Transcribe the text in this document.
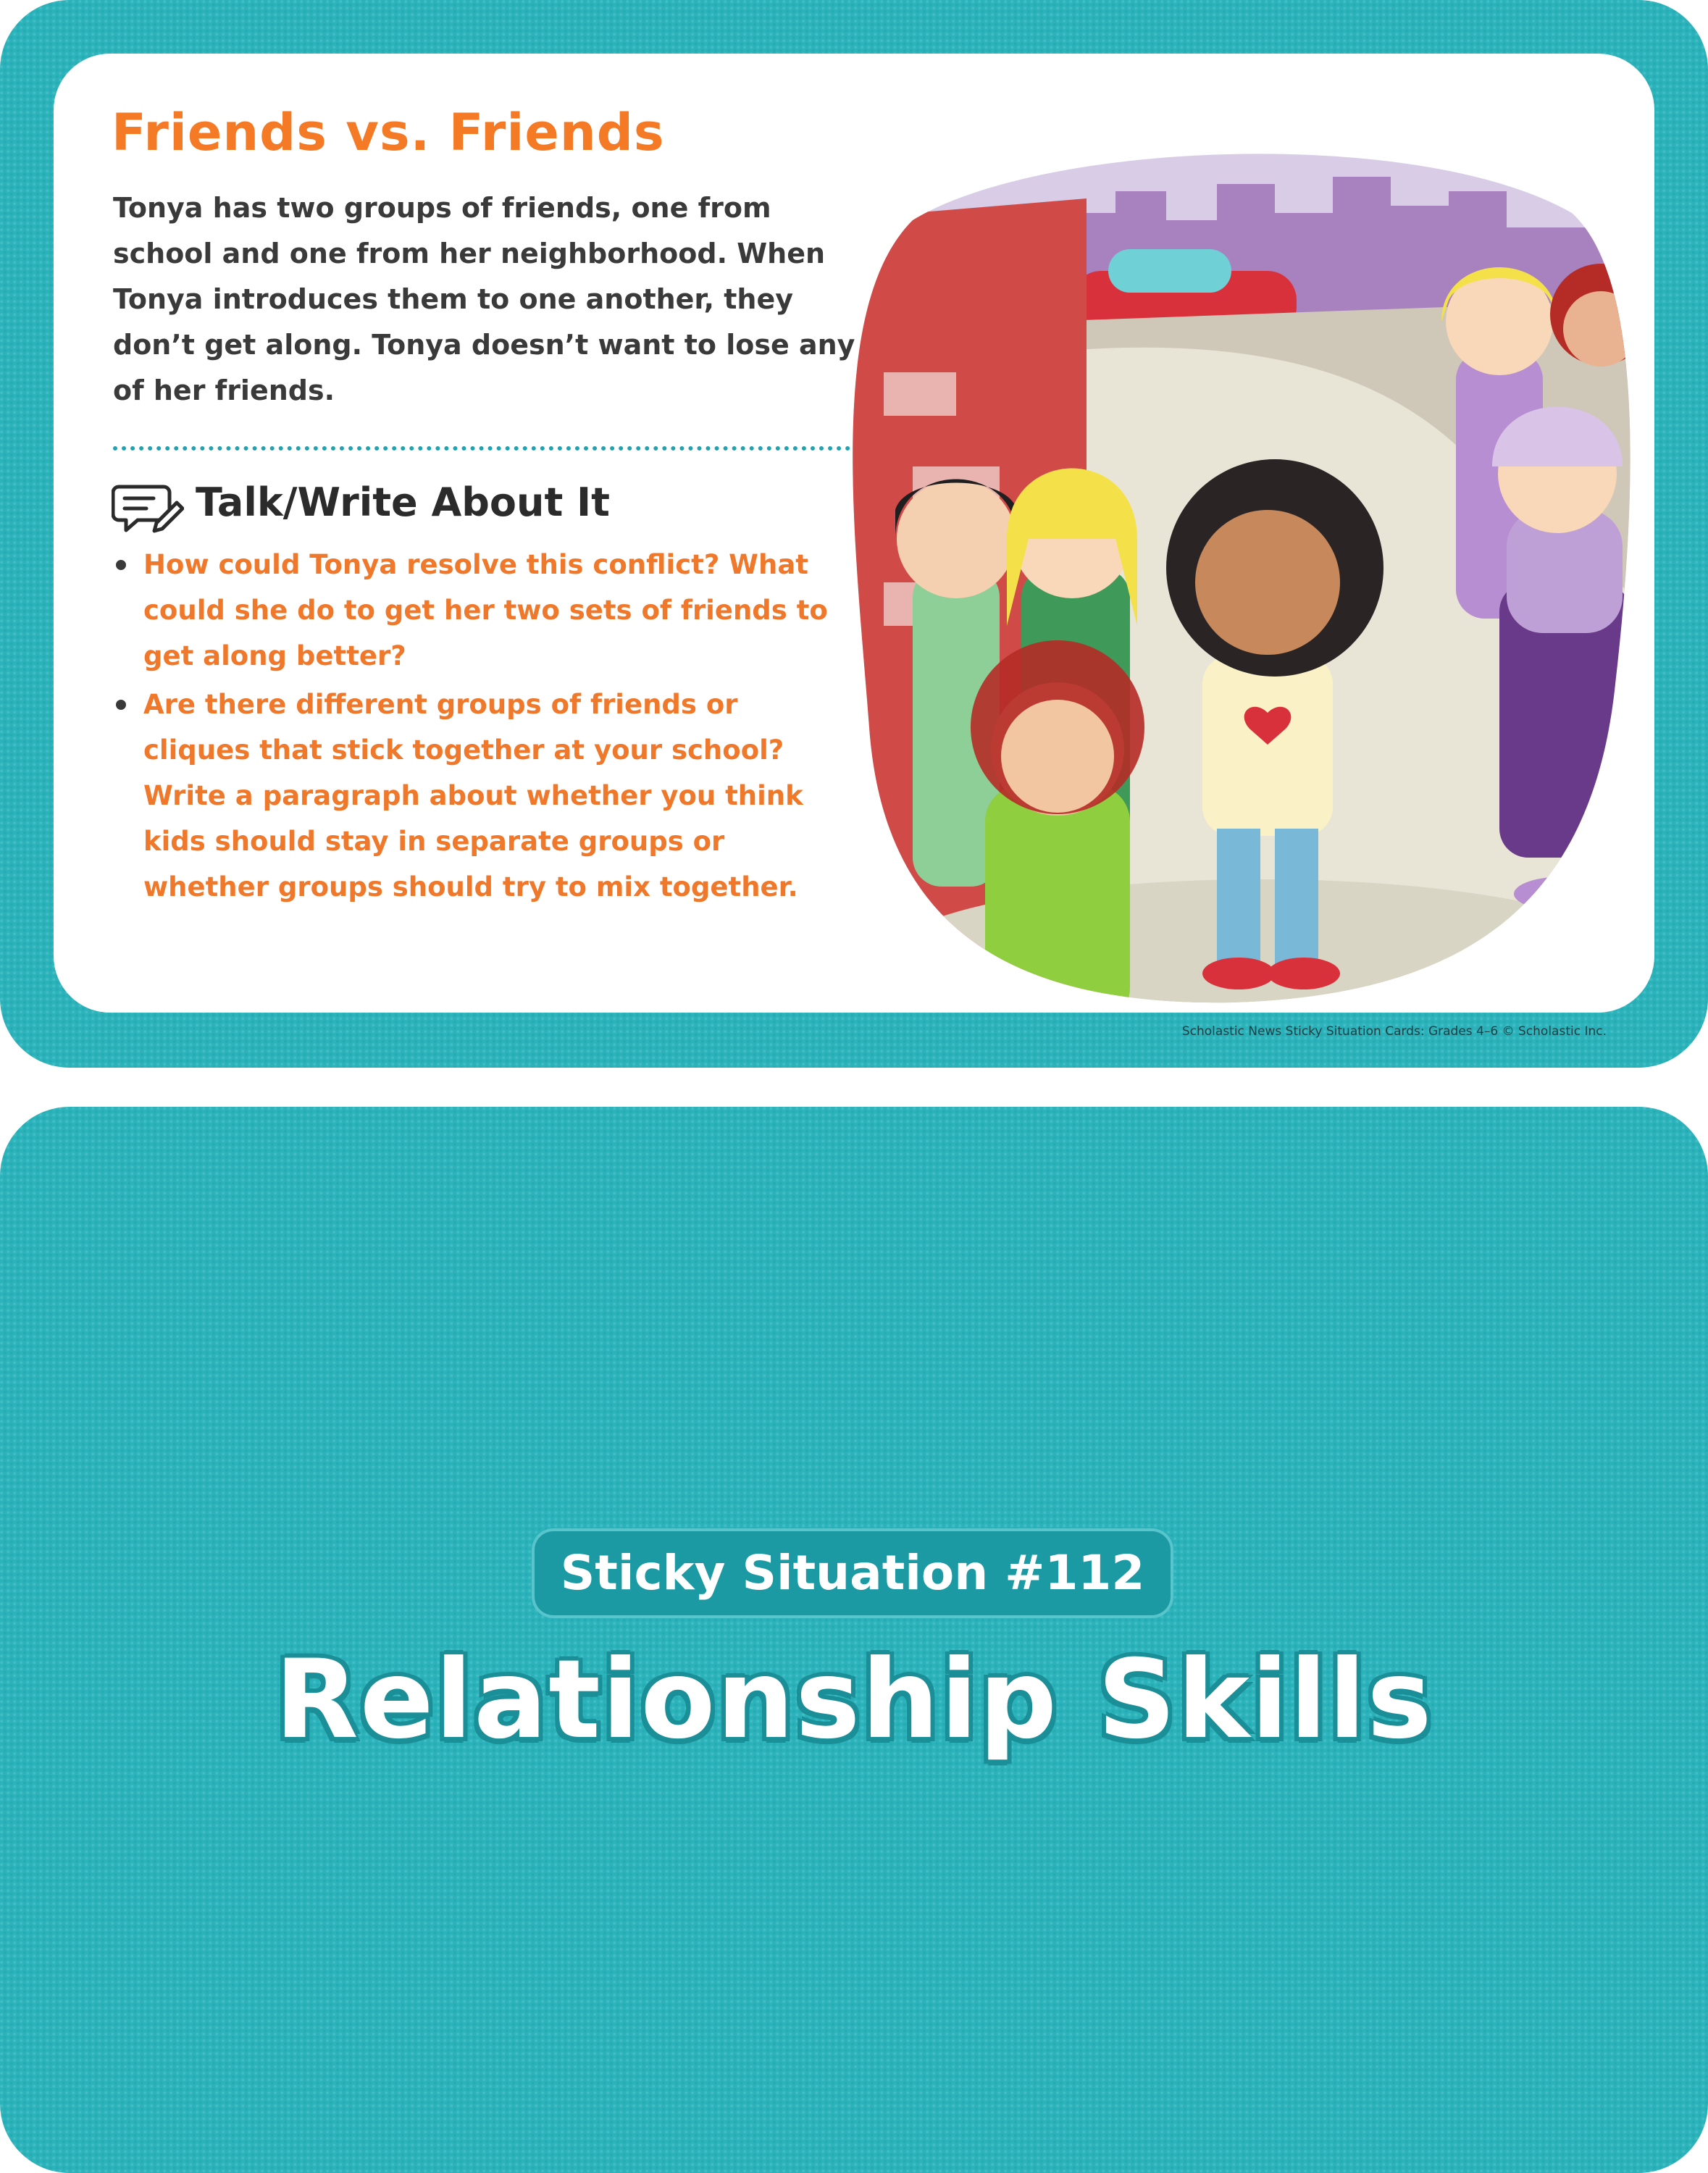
Friends vs. Friends

Tonya has two groups of friends, one from school and one from her neighborhood. When Tonya introduces them to one another, they don’t get along. Tonya doesn’t want to lose any of her friends.

Talk/Write About It
How could Tonya resolve this conflict? What could she do to get her two sets of friends to get along better?
Are there different groups of friends or cliques that stick together at your school? Write a paragraph about whether you think kids should stay in separate groups or whether groups should try to mix together.

Scholastic News Sticky Situation Cards: Grades 4–6 © Scholastic Inc.

Sticky Situation #112

Relationship Skills
